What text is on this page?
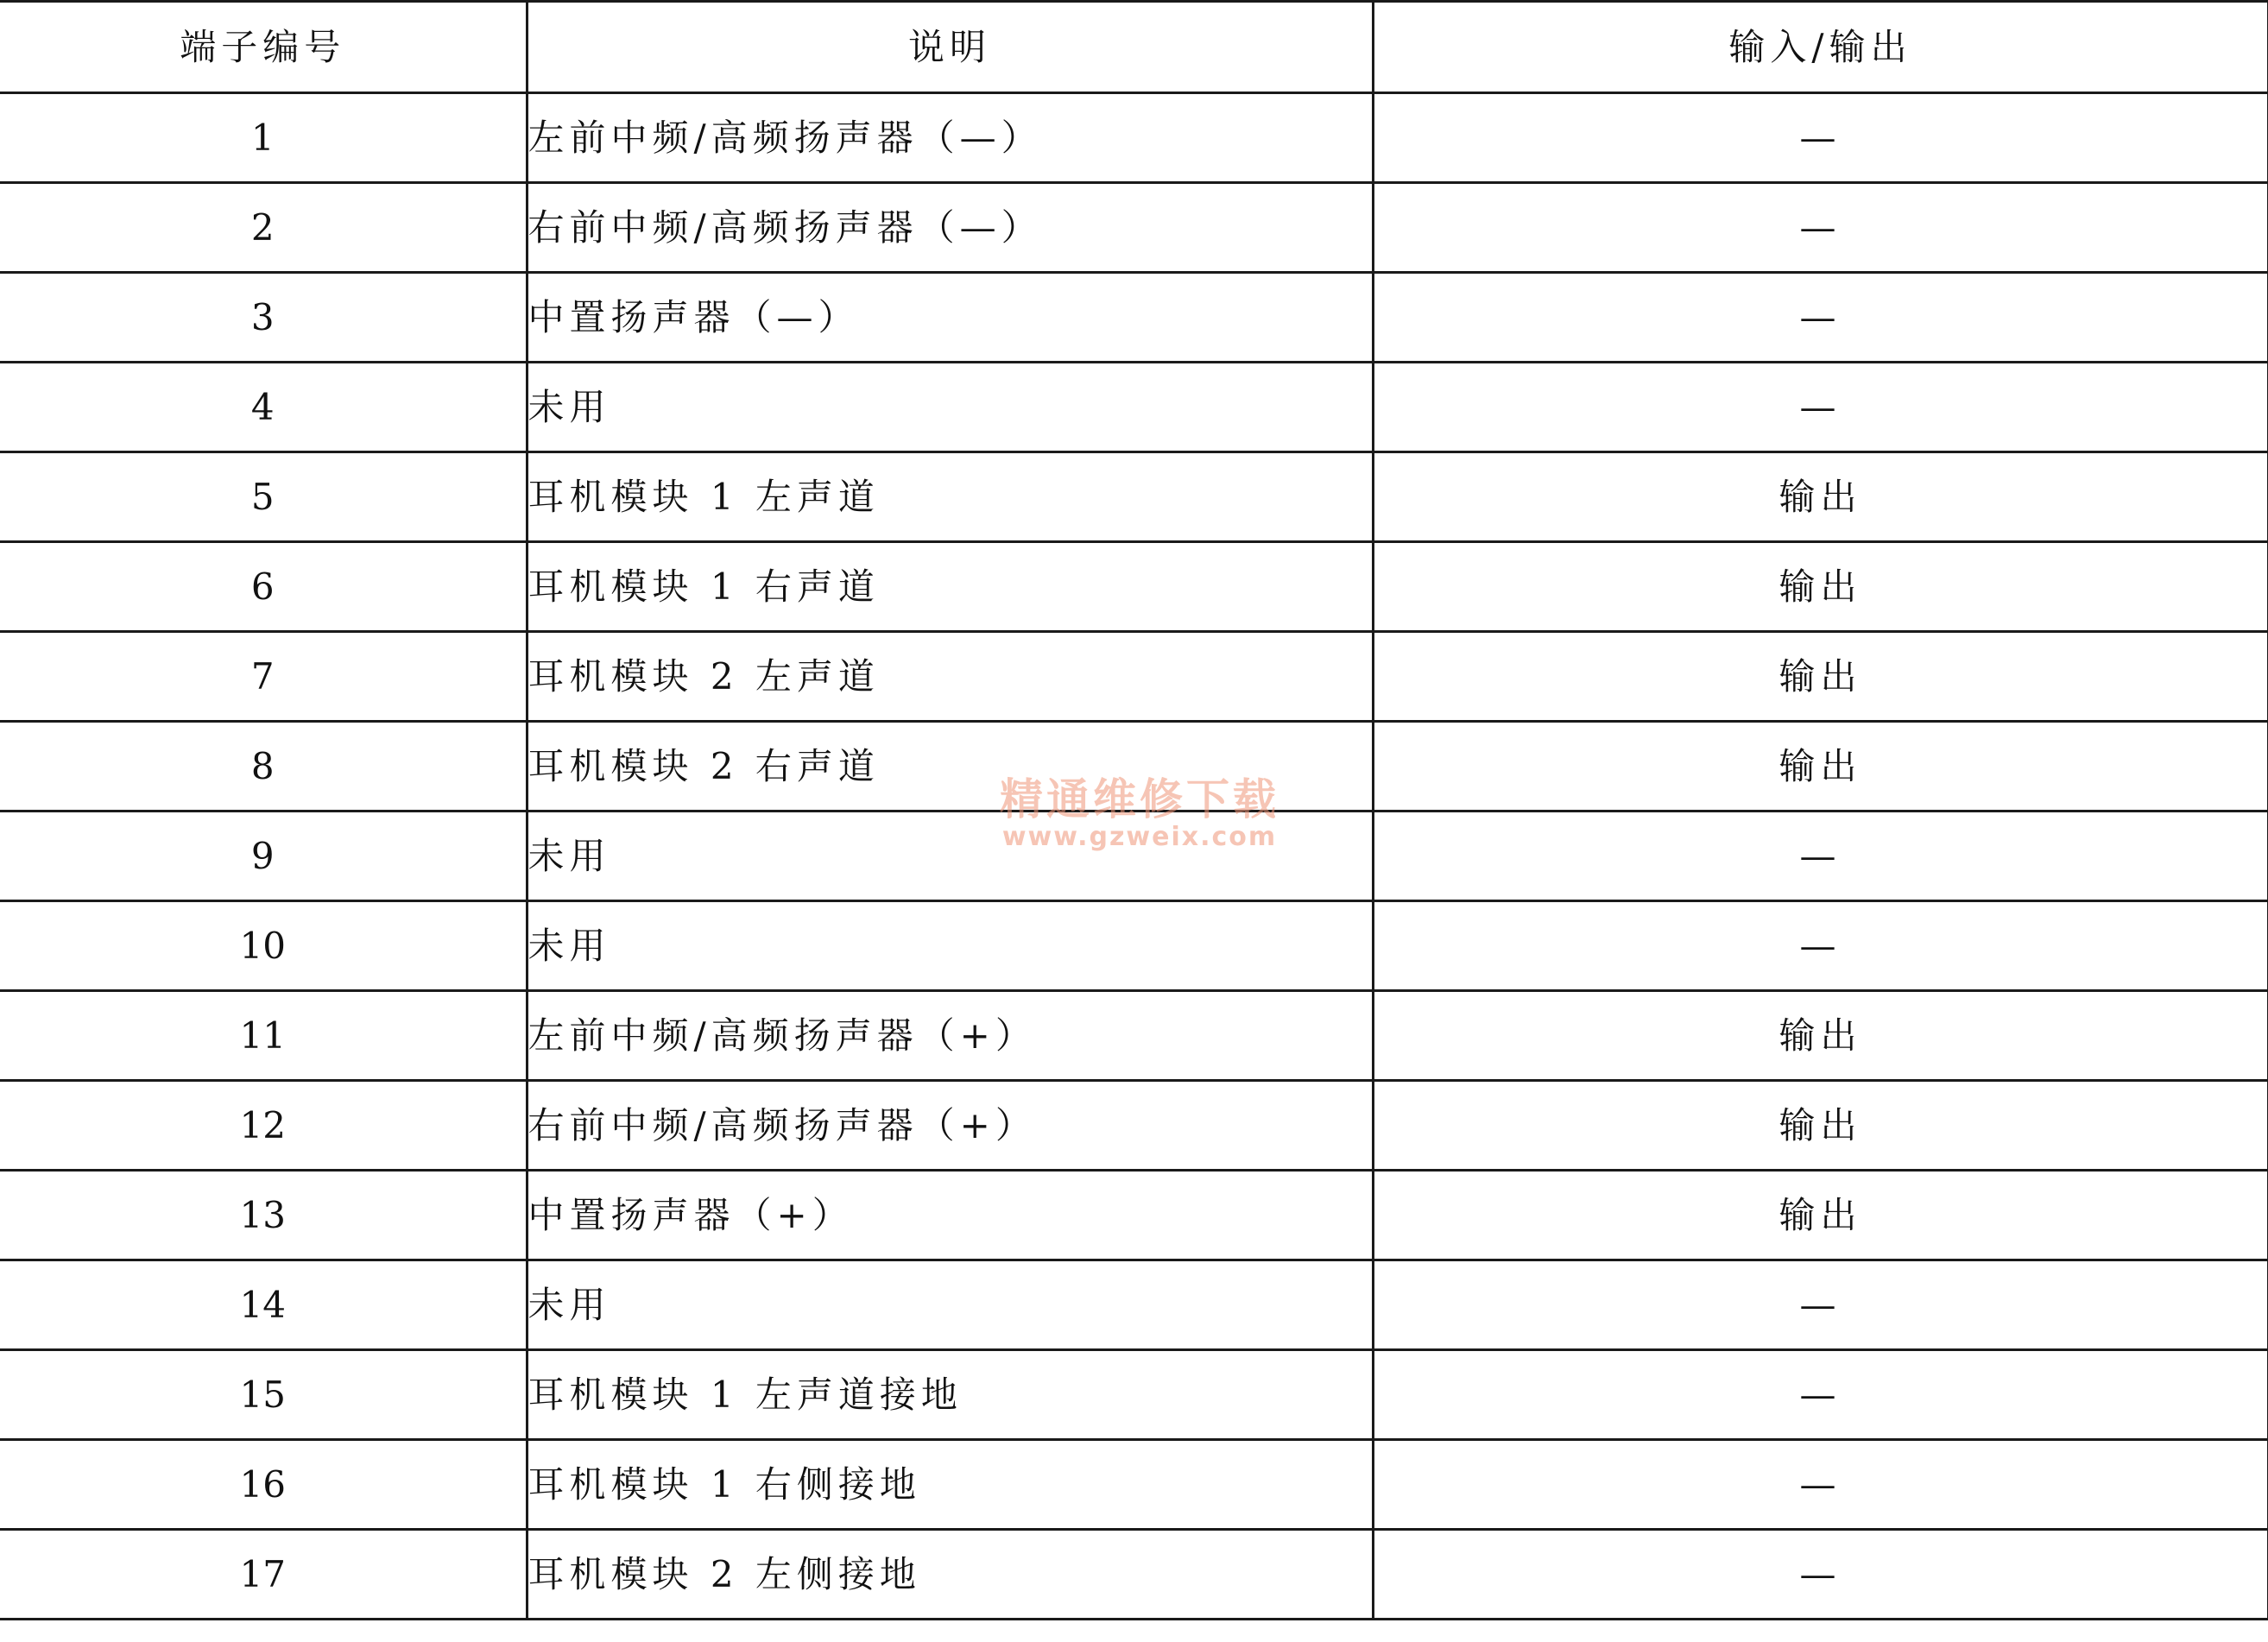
端子编号	说明	输入/输出
1	左前中频/高频扬声器（—）	—
2	右前中频/高频扬声器（—）	—
3	中置扬声器（—）	—
4	未用	—
5	耳机模块 1 左声道	输出
6	耳机模块 1 右声道	输出
7	耳机模块 2 左声道	输出
8	耳机模块 2 右声道	输出
9	未用	—
10	未用	—
11	左前中频/高频扬声器（+）	输出
12	右前中频/高频扬声器（+）	输出
13	中置扬声器（+）	输出
14	未用	—
15	耳机模块 1 左声道接地	—
16	耳机模块 1 右侧接地	—
17	耳机模块 2 左侧接地	—
精通维修下载
www.gzweix.com
